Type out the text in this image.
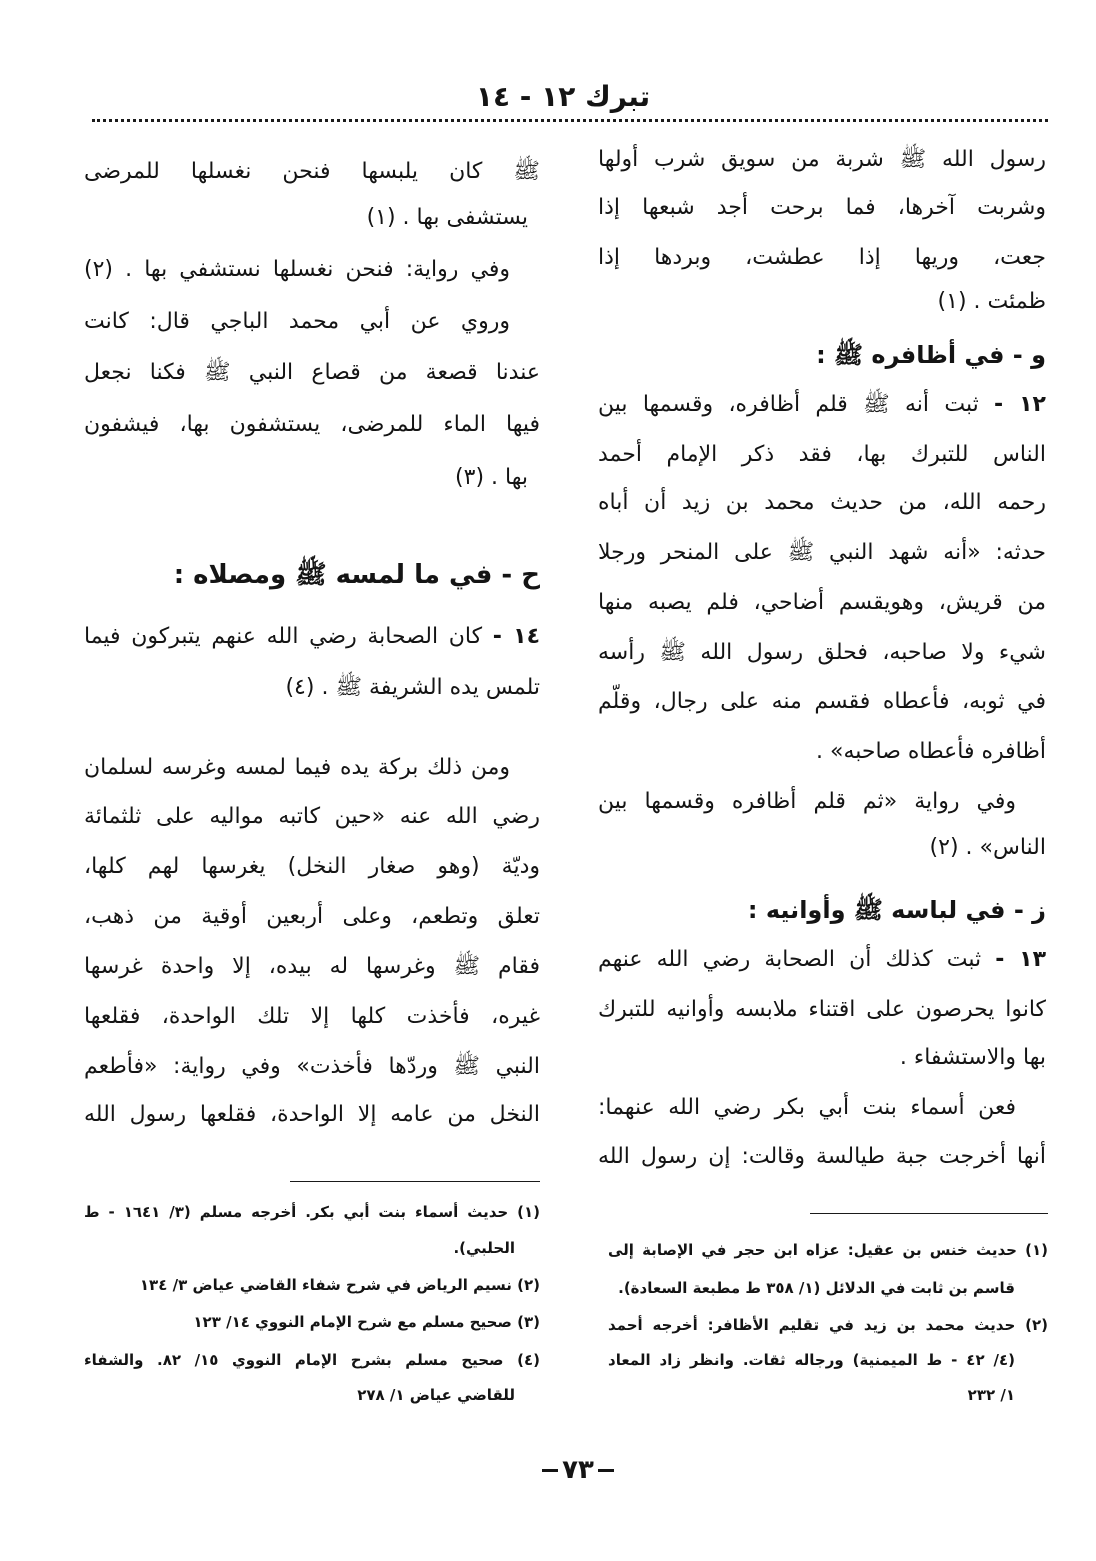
تبرك ١٢ - ١٤
رسول الله ﷺ شربة من سويق شرب أولها
وشربت آخرها، فما برحت أجد شبعها إذا
جعت، وريها إذا عطشت، وبردها إذا
ظمئت . (١)
و - في أظافره ﷺ :
١٢ - ثبت أنه ﷺ قلم أظافره، وقسمها بين
الناس للتبرك بها، فقد ذكر الإمام أحمد
رحمه الله، من حديث محمد بن زيد أن أباه
حدثه: «أنه شهد النبي ﷺ على المنحر ورجلا
من قريش، وهويقسم أضاحي، فلم يصبه منها
شيء ولا صاحبه، فحلق رسول الله ﷺ رأسه
في ثوبه، فأعطاه فقسم منه على رجال، وقلّم
أظافره فأعطاه صاحبه» .
وفي رواية «ثم قلم أظافره وقسمها بين
الناس» . (٢)
ز - في لباسه ﷺ وأوانيه :
١٣ - ثبت كذلك أن الصحابة رضي الله عنهم
كانوا يحرصون على اقتناء ملابسه وأوانيه للتبرك
بها والاستشفاء .
فعن أسماء بنت أبي بكر رضي الله عنهما:
أنها أخرجت جبة طيالسة وقالت: إن رسول الله
(١) حديث خنس بن عقيل: عزاه ابن حجر في الإصابة إلى
قاسم بن ثابت في الدلائل (١/ ٣٥٨ ط مطبعة السعادة).
(٢) حديث محمد بن زيد في تقليم الأظافر: أخرجه أحمد
(٤/ ٤٢ - ط الميمنية) ورجاله ثقات. وانظر زاد المعاد
١/ ٢٣٢
ﷺ كان يلبسها فنحن نغسلها للمرضى
يستشفى بها . (١)
وفي رواية: فنحن نغسلها نستشفي بها . (٢)
وروي عن أبي محمد الباجي قال: كانت
عندنا قصعة من قصاع النبي ﷺ فكنا نجعل
فيها الماء للمرضى، يستشفون بها، فيشفون
بها . (٣)
ح - في ما لمسه ﷺ ومصلاه :
١٤ - كان الصحابة رضي الله عنهم يتبركون فيما
تلمس يده الشريفة ﷺ . (٤)
ومن ذلك بركة يده فيما لمسه وغرسه لسلمان
رضي الله عنه «حين كاتبه مواليه على ثلثمائة
وديّة (وهو صغار النخل) يغرسها لهم كلها،
تعلق وتطعم، وعلى أربعين أوقية من ذهب،
فقام ﷺ وغرسها له بيده، إلا واحدة غرسها
غيره، فأخذت كلها إلا تلك الواحدة، فقلعها
النبي ﷺ وردّها فأخذت» وفي رواية: «فأطعم
النخل من عامه إلا الواحدة، فقلعها رسول الله
(١) حديث أسماء بنت أبي بكر. أخرجه مسلم (٣/ ١٦٤١ - ط
الحلبي).
(٢) نسيم الرياض في شرح شفاء القاضي عياض ٣/ ١٣٤
(٣) صحيح مسلم مع شرح الإمام النووي ١٤/ ١٢٣
(٤) صحيح مسلم بشرح الإمام النووي ١٥/ ٨٢. والشفاء
للقاضي عياض ١/ ٢٧٨
٧٣
